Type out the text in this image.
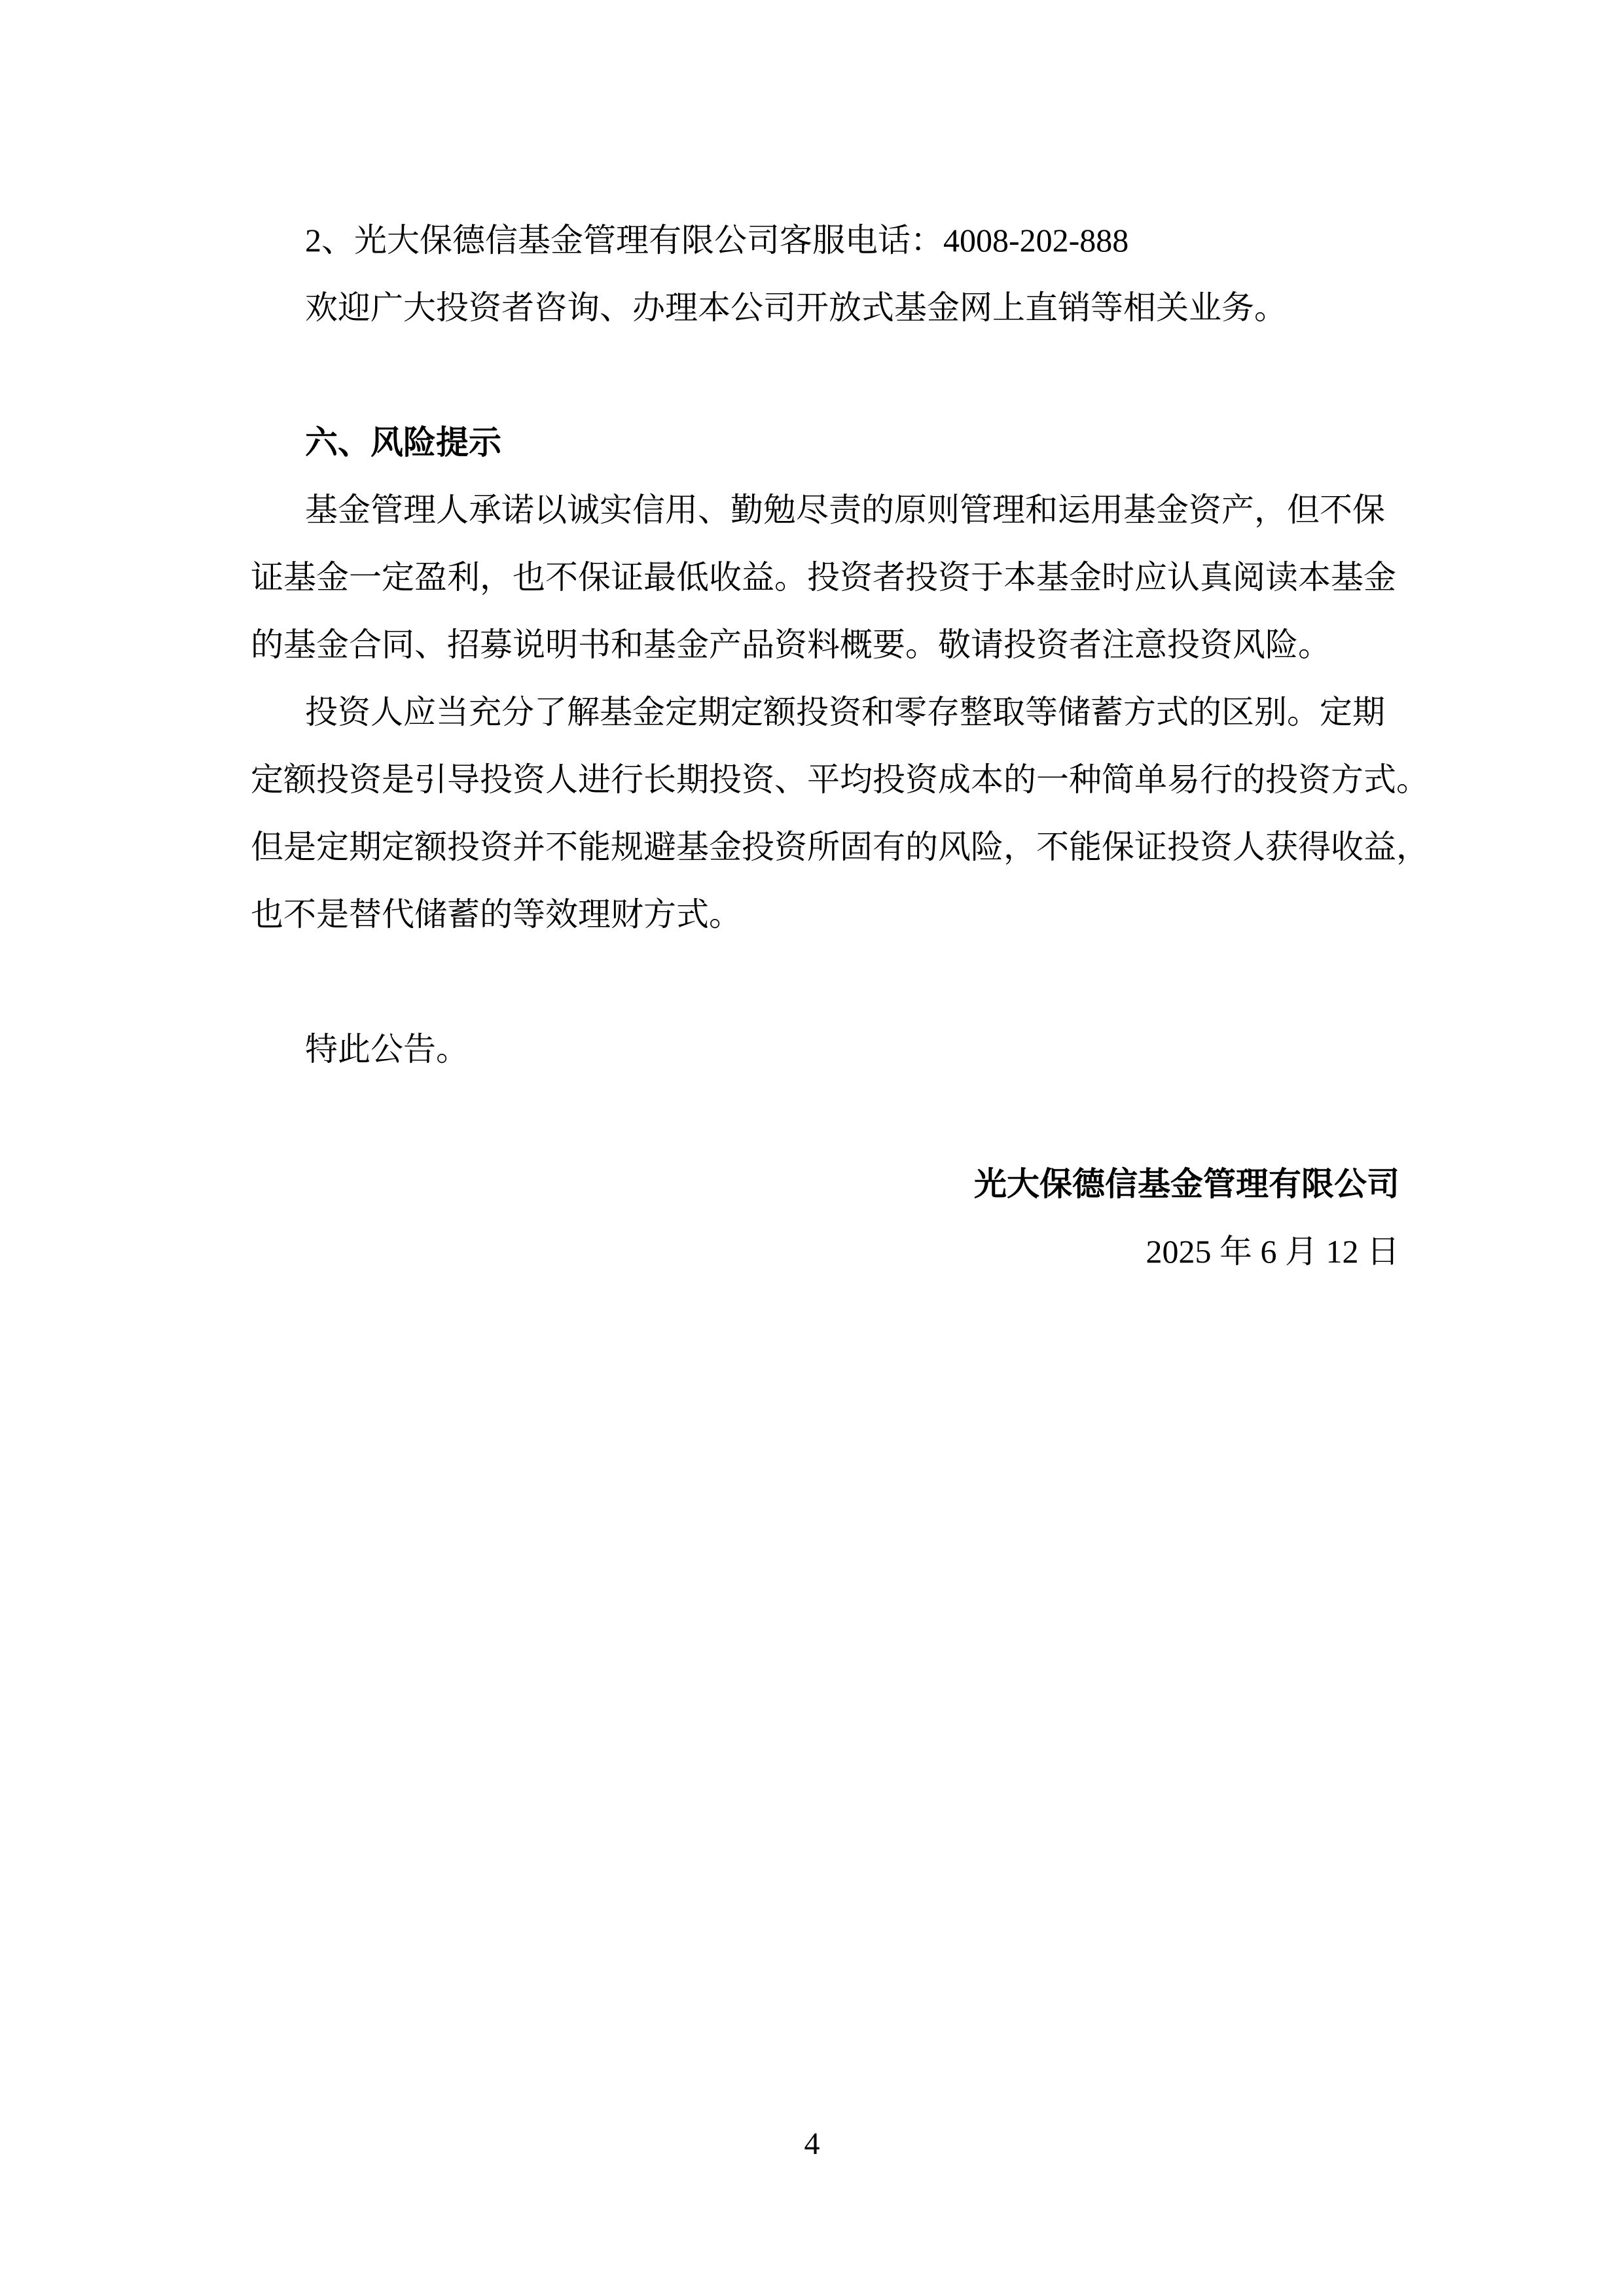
2、光大保德信基金管理有限公司客服电话：4008-202-888
欢迎广大投资者咨询、办理本公司开放式基金网上直销等相关业务。
六、风险提示
基金管理人承诺以诚实信用、勤勉尽责的原则管理和运用基金资产，但不保
证基金一定盈利，也不保证最低收益。投资者投资于本基金时应认真阅读本基金
的基金合同、招募说明书和基金产品资料概要。敬请投资者注意投资风险。
投资人应当充分了解基金定期定额投资和零存整取等储蓄方式的区别。定期
定额投资是引导投资人进行长期投资、平均投资成本的一种简单易行的投资方式。
但是定期定额投资并不能规避基金投资所固有的风险，不能保证投资人获得收益，
也不是替代储蓄的等效理财方式。
特此公告。
光大保德信基金管理有限公司
2025 年 6 月 12 日
4
